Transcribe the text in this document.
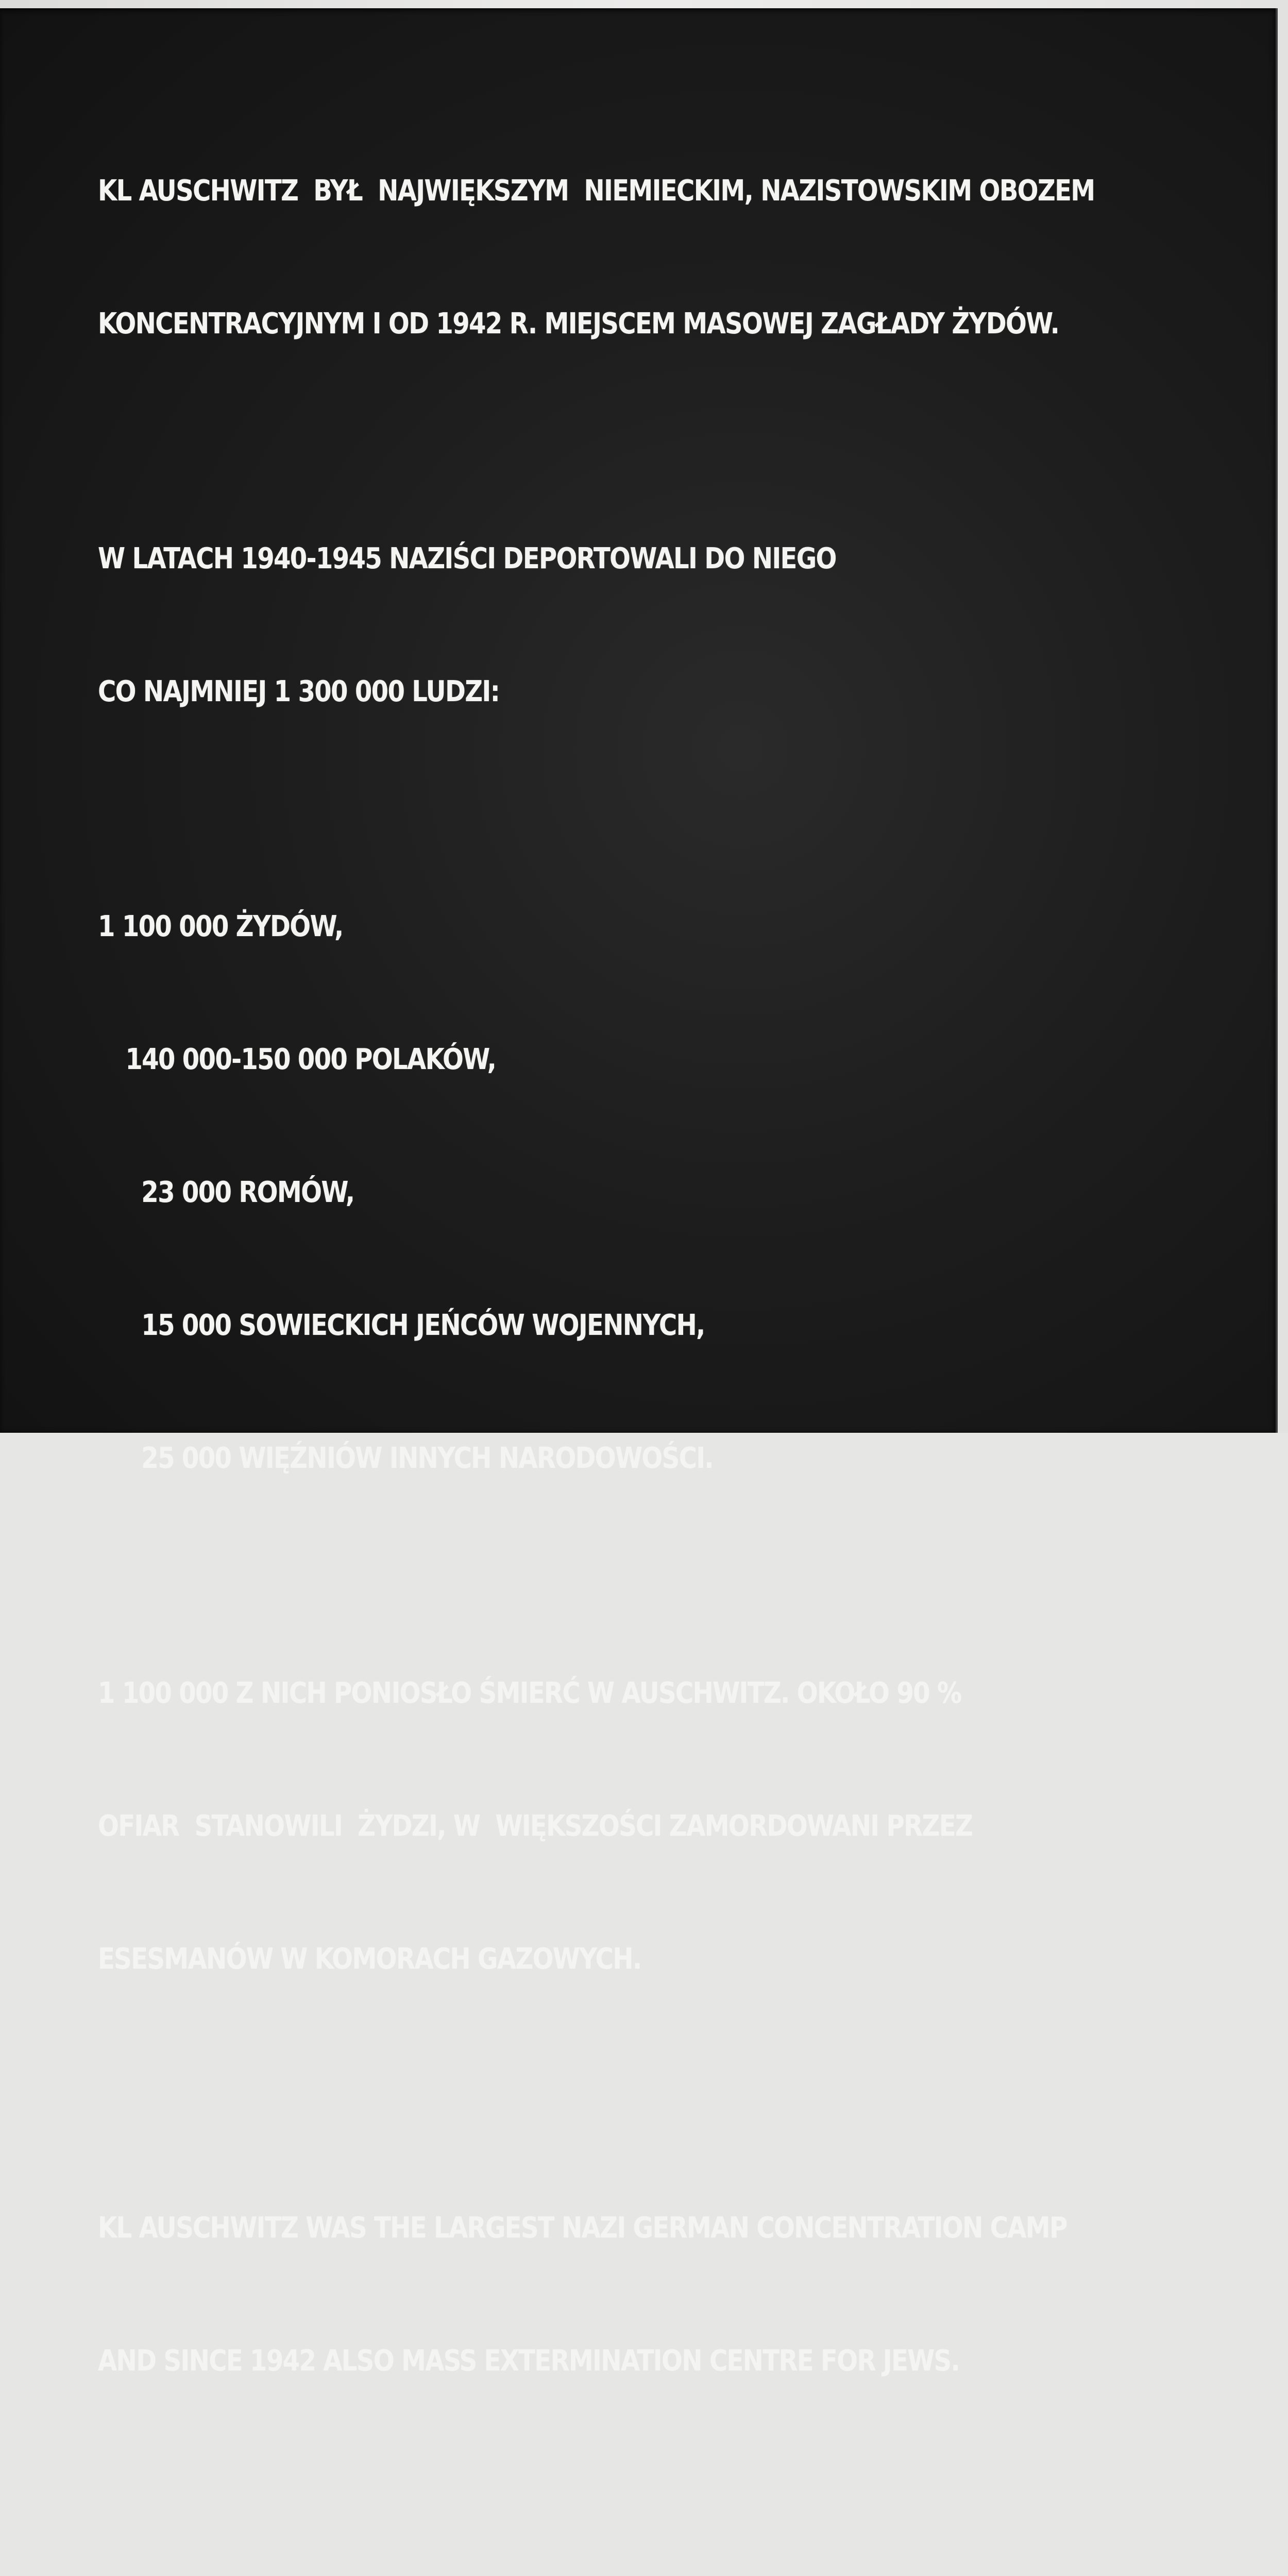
KL AUSCHWITZ  BYŁ  NAJWIĘKSZYM  NIEMIECKIM, NAZISTOWSKIM OBOZEM

KONCENTRACYJNYM I OD 1942 R. MIEJSCEM MASOWEJ ZAGŁADY ŻYDÓW.

W LATACH 1940-1945 NAZIŚCI DEPORTOWALI DO NIEGO

CO NAJMNIEJ 1 300 000 LUDZI:

1 100 000 ŻYDÓW,

140 000-150 000 POLAKÓW,

23 000 ROMÓW,

15 000 SOWIECKICH JEŃCÓW WOJENNYCH,

25 000 WIĘŹNIÓW INNYCH NARODOWOŚCI.

1 100 000 Z NICH PONIOSŁO ŚMIERĆ W AUSCHWITZ. OKOŁO 90 %

OFIAR  STANOWILI  ŻYDZI, W  WIĘKSZOŚCI ZAMORDOWANI PRZEZ

ESESMANÓW W KOMORACH GAZOWYCH.

KL AUSCHWITZ WAS THE LARGEST NAZI GERMAN CONCENTRATION CAMP

AND SINCE 1942 ALSO MASS EXTERMINATION CENTRE FOR JEWS.
